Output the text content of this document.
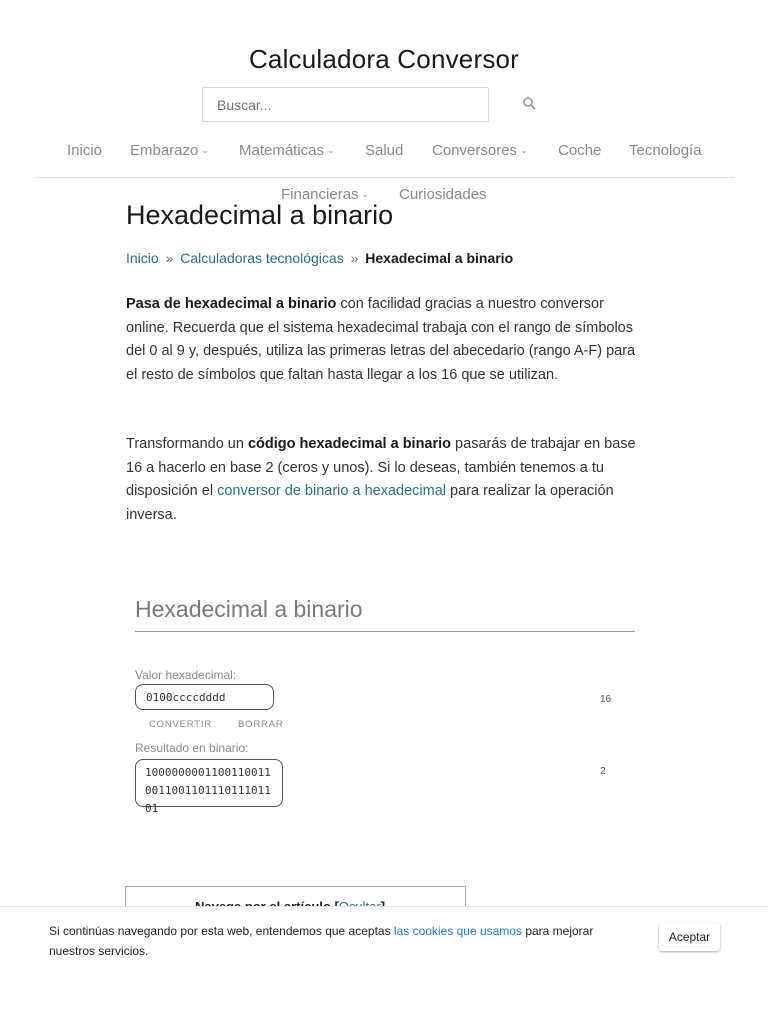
Calculadora Conversor
Buscar...
Inicio Embarazo ⌄ Matemáticas ⌄ Salud Conversores ⌄ Coche Tecnología
Hexadecimal a binario
Financieras ⌄ Curiosidades
Inicio » Calculadoras tecnológicas » Hexadecimal a binario

Pasa de hexadecimal a binario con facilidad gracias a nuestro conversor online. Recuerda que el sistema hexadecimal trabaja con el rango de símbolos del 0 al 9 y, después, utiliza las primeras letras del abecedario (rango A-F) para el resto de símbolos que faltan hasta llegar a los 16 que se utilizan.

Transformando un código hexadecimal a binario pasarás de trabajar en base 16 a hacerlo en base 2 (ceros y unos). Si lo deseas, también tenemos a tu disposición el conversor de binario a hexadecimal para realizar la operación inversa.

Hexadecimal a binario
Valor hexadecimal:
0100ccccdddd
16
CONVERTIR	BORRAR
Resultado en binario:
1000000001100110011
0011001101110111011
01
2
Si continúas navegando por esta web, entendemos que aceptas las cookies que usamos para mejorar nuestros servicios.
Aceptar
